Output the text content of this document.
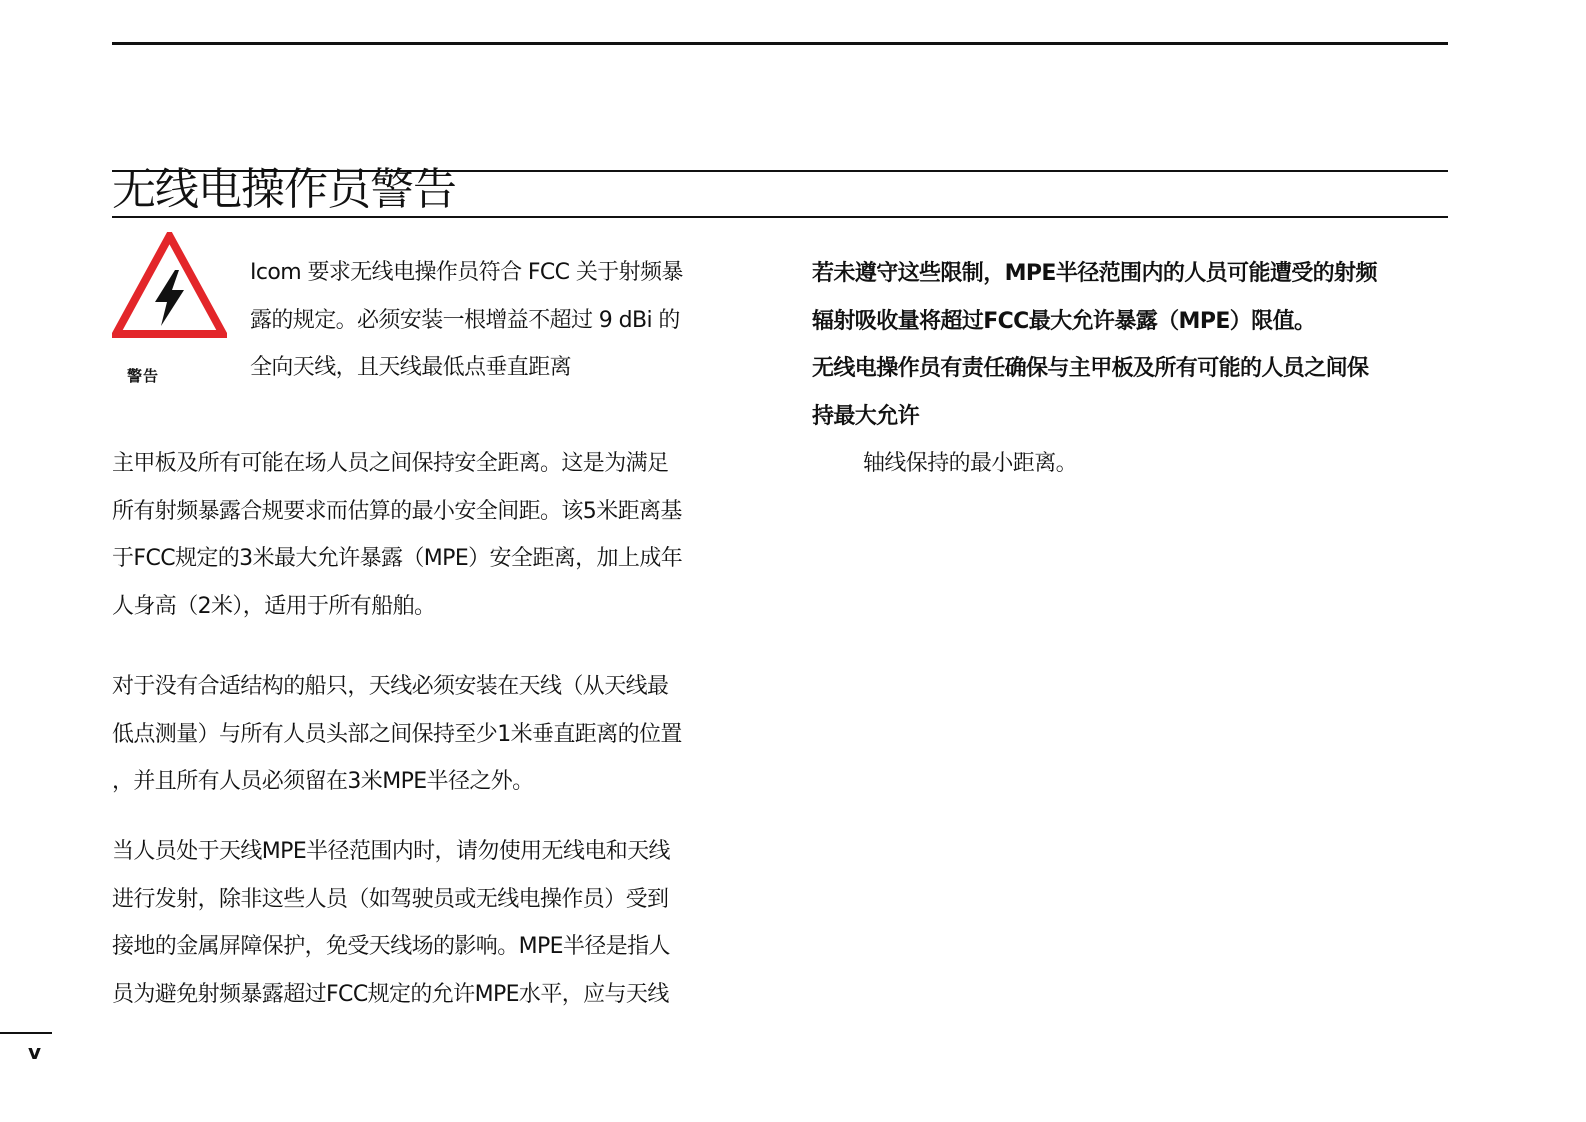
无线电操作员警告
警告
Icom 要求无线电操作员符合 FCC 关于射频暴
露的规定。必须安装一根增益不超过 9 dBi 的
全向天线，且天线最低点垂直距离
主甲板及所有可能在场人员之间保持安全距离。这是为满足
所有射频暴露合规要求而估算的最小安全间距。该5米距离基
于FCC规定的3米最大允许暴露（MPE）安全距离，加上成年
人身高（2米），适用于所有船舶。
对于没有合适结构的船只，天线必须安装在天线（从天线最
低点测量）与所有人员头部之间保持至少1米垂直距离的位置
，并且所有人员必须留在3米MPE半径之外。
当人员处于天线MPE半径范围内时，请勿使用无线电和天线
进行发射，除非这些人员（如驾驶员或无线电操作员）受到
接地的金属屏障保护，免受天线场的影响。MPE半径是指人
员为避免射频暴露超过FCC规定的允许MPE水平，应与天线
若未遵守这些限制，MPE半径范围内的人员可能遭受的射频
辐射吸收量将超过FCC最大允许暴露（MPE）限值。
无线电操作员有责任确保与主甲板及所有可能的人员之间保
持最大允许
轴线保持的最小距离。
v
